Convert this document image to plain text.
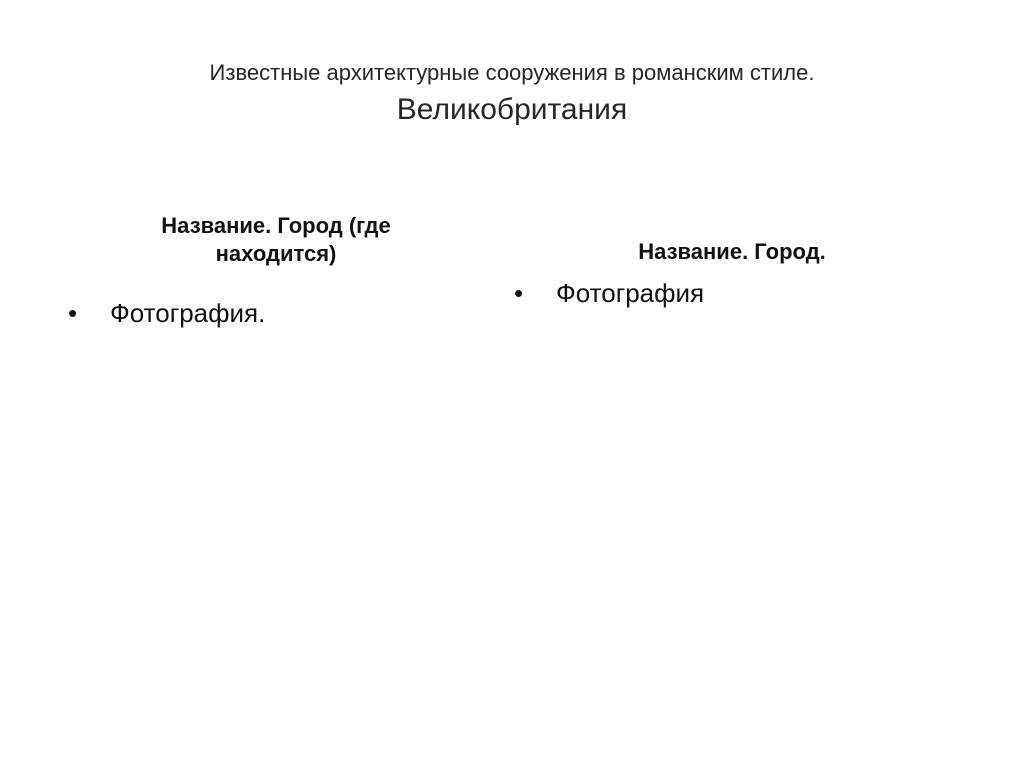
Известные архитектурные сооружения в романским стиле.
Великобритания
Название. Город (где
находится)
• Фотография.
Название. Город.
• Фотография
